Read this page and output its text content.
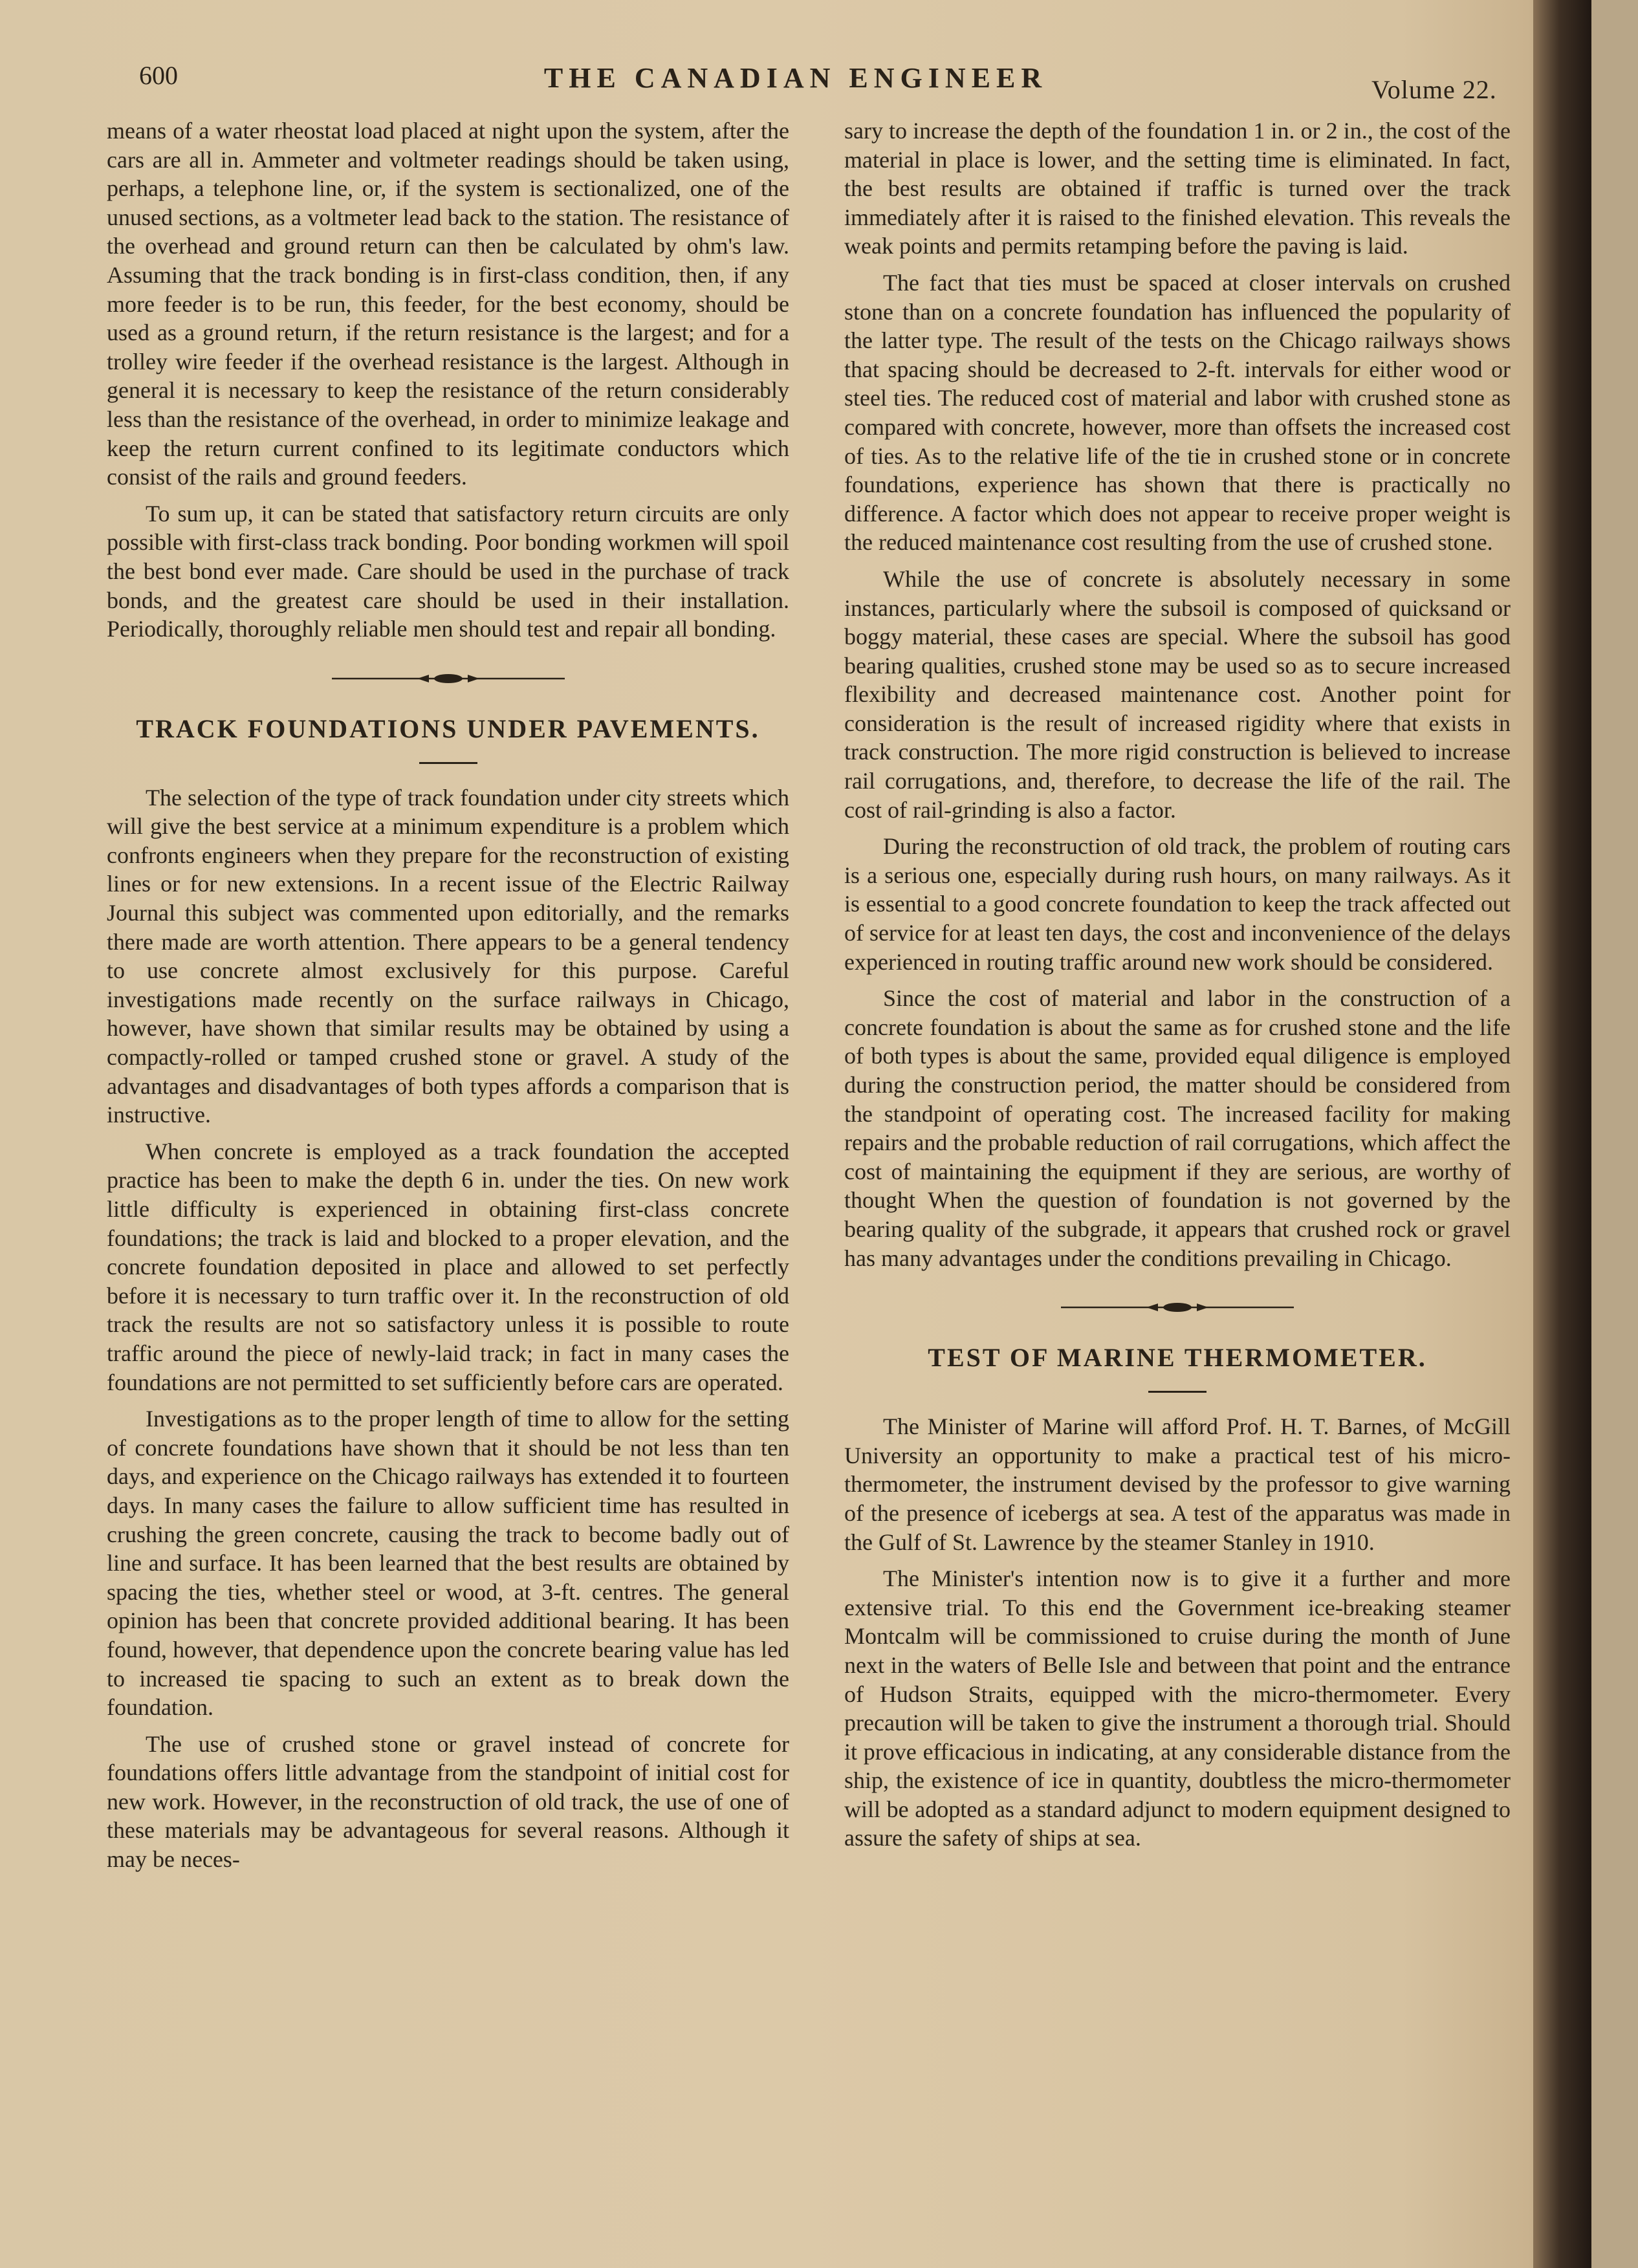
600	THE CANADIAN ENGINEER	Volume 22.

means of a water rheostat load placed at night upon the system, after the cars are all in. Ammeter and voltmeter readings should be taken using, perhaps, a telephone line, or, if the system is sectionalized, one of the unused sections, as a voltmeter lead back to the station. The resistance of the overhead and ground return can then be calculated by ohm's law. Assuming that the track bonding is in first-class condition, then, if any more feeder is to be run, this feeder, for the best economy, should be used as a ground return, if the return resistance is the largest; and for a trolley wire feeder if the overhead resistance is the largest. Although in general it is necessary to keep the resistance of the return considerably less than the resistance of the overhead, in order to minimize leakage and keep the return current confined to its legitimate conductors which consist of the rails and ground feeders.

To sum up, it can be stated that satisfactory return circuits are only possible with first-class track bonding. Poor bonding workmen will spoil the best bond ever made. Care should be used in the purchase of track bonds, and the greatest care should be used in their installation. Periodically, thoroughly reliable men should test and repair all bonding.

TRACK FOUNDATIONS UNDER PAVEMENTS.

The selection of the type of track foundation under city streets which will give the best service at a minimum expenditure is a problem which confronts engineers when they prepare for the reconstruction of existing lines or for new extensions. In a recent issue of the Electric Railway Journal this subject was commented upon editorially, and the remarks there made are worth attention. There appears to be a general tendency to use concrete almost exclusively for this purpose. Careful investigations made recently on the surface railways in Chicago, however, have shown that similar results may be obtained by using a compactly-rolled or tamped crushed stone or gravel. A study of the advantages and disadvantages of both types affords a comparison that is instructive.

When concrete is employed as a track foundation the accepted practice has been to make the depth 6 in. under the ties. On new work little difficulty is experienced in obtaining first-class concrete foundations; the track is laid and blocked to a proper elevation, and the concrete foundation deposited in place and allowed to set perfectly before it is necessary to turn traffic over it. In the reconstruction of old track the results are not so satisfactory unless it is possible to route traffic around the piece of newly-laid track; in fact in many cases the foundations are not permitted to set sufficiently before cars are operated.

Investigations as to the proper length of time to allow for the setting of concrete foundations have shown that it should be not less than ten days, and experience on the Chicago railways has extended it to fourteen days. In many cases the failure to allow sufficient time has resulted in crushing the green concrete, causing the track to become badly out of line and surface. It has been learned that the best results are obtained by spacing the ties, whether steel or wood, at 3-ft. centres. The general opinion has been that concrete provided additional bearing. It has been found, however, that dependence upon the concrete bearing value has led to increased tie spacing to such an extent as to break down the foundation.

The use of crushed stone or gravel instead of concrete for foundations offers little advantage from the standpoint of initial cost for new work. However, in the reconstruction of old track, the use of one of these materials may be advantageous for several reasons. Although it may be neces-

sary to increase the depth of the foundation 1 in. or 2 in., the cost of the material in place is lower, and the setting time is eliminated. In fact, the best results are obtained if traffic is turned over the track immediately after it is raised to the finished elevation. This reveals the weak points and permits retamping before the paving is laid.

The fact that ties must be spaced at closer intervals on crushed stone than on a concrete foundation has influenced the popularity of the latter type. The result of the tests on the Chicago railways shows that spacing should be decreased to 2-ft. intervals for either wood or steel ties. The reduced cost of material and labor with crushed stone as compared with concrete, however, more than offsets the increased cost of ties. As to the relative life of the tie in crushed stone or in concrete foundations, experience has shown that there is practically no difference. A factor which does not appear to receive proper weight is the reduced maintenance cost resulting from the use of crushed stone.

While the use of concrete is absolutely necessary in some instances, particularly where the subsoil is composed of quicksand or boggy material, these cases are special. Where the subsoil has good bearing qualities, crushed stone may be used so as to secure increased flexibility and decreased maintenance cost. Another point for consideration is the result of increased rigidity where that exists in track construction. The more rigid construction is believed to increase rail corrugations, and, therefore, to decrease the life of the rail. The cost of rail-grinding is also a factor.

During the reconstruction of old track, the problem of routing cars is a serious one, especially during rush hours, on many railways. As it is essential to a good concrete foundation to keep the track affected out of service for at least ten days, the cost and inconvenience of the delays experienced in routing traffic around new work should be considered.

Since the cost of material and labor in the construction of a concrete foundation is about the same as for crushed stone and the life of both types is about the same, provided equal diligence is employed during the construction period, the matter should be considered from the standpoint of operating cost. The increased facility for making repairs and the probable reduction of rail corrugations, which affect the cost of maintaining the equipment if they are serious, are worthy of thought When the question of foundation is not governed by the bearing quality of the subgrade, it appears that crushed rock or gravel has many advantages under the conditions prevailing in Chicago.

TEST OF MARINE THERMOMETER.

The Minister of Marine will afford Prof. H. T. Barnes, of McGill University an opportunity to make a practical test of his micro-thermometer, the instrument devised by the professor to give warning of the presence of icebergs at sea. A test of the apparatus was made in the Gulf of St. Lawrence by the steamer Stanley in 1910.

The Minister's intention now is to give it a further and more extensive trial. To this end the Government ice-breaking steamer Montcalm will be commissioned to cruise during the month of June next in the waters of Belle Isle and between that point and the entrance of Hudson Straits, equipped with the micro-thermometer. Every precaution will be taken to give the instrument a thorough trial. Should it prove efficacious in indicating, at any considerable distance from the ship, the existence of ice in quantity, doubtless the micro-thermometer will be adopted as a standard adjunct to modern equipment designed to assure the safety of ships at sea.
